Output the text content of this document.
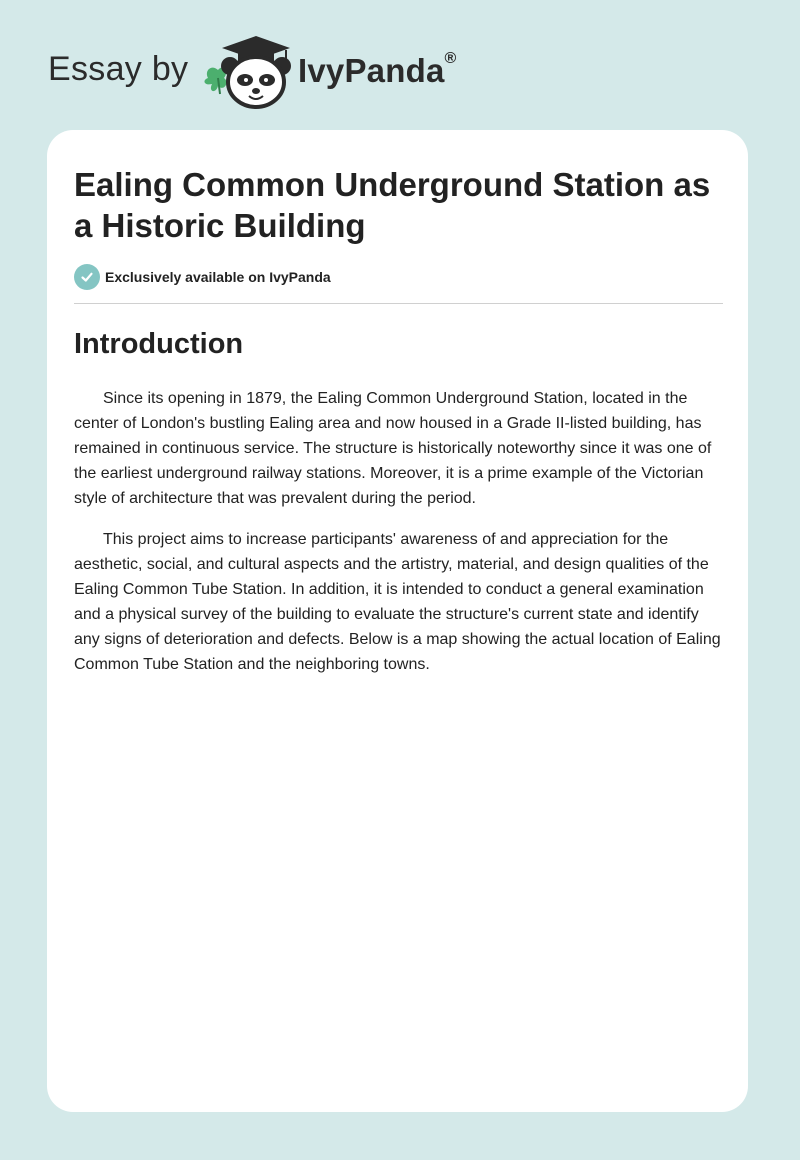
Essay by	IvyPanda®
Ealing Common Underground Station as a Historic Building
Exclusively available on IvyPanda
Introduction

Since its opening in 1879, the Ealing Common Underground Station, located in the center of London's bustling Ealing area and now housed in a Grade II-listed building, has remained in continuous service. The structure is historically noteworthy since it was one of the earliest underground railway stations. Moreover, it is a prime example of the Victorian style of architecture that was prevalent during the period.

This project aims to increase participants' awareness of and appreciation for the aesthetic, social, and cultural aspects and the artistry, material, and design qualities of the Ealing Common Tube Station. In addition, it is intended to conduct a general examination and a physical survey of the building to evaluate the structure's current state and identify any signs of deterioration and defects. Below is a map showing the actual location of Ealing Common Tube Station and the neighboring towns.
